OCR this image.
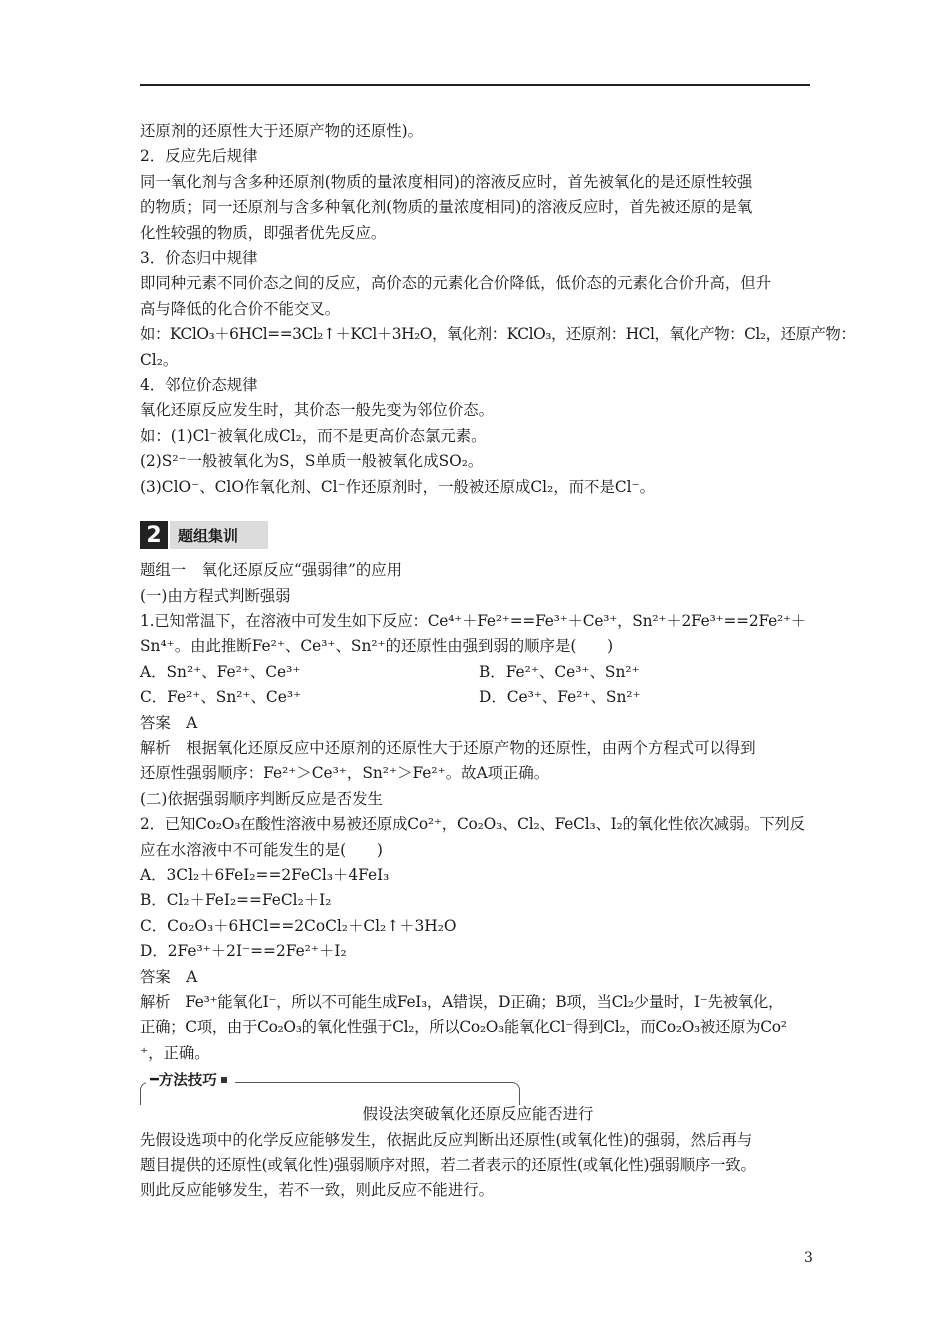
还原剂的还原性大于还原产物的还原性)。
2．反应先后规律
同一氧化剂与含多种还原剂(物质的量浓度相同)的溶液反应时，首先被氧化的是还原性较强
的物质；同一还原剂与含多种氧化剂(物质的量浓度相同)的溶液反应时，首先被还原的是氧
化性较强的物质，即强者优先反应。
3．价态归中规律
即同种元素不同价态之间的反应，高价态的元素化合价降低，低价态的元素化合价升高，但升
高与降低的化合价不能交叉。
如：KClO₃＋6HCl==3Cl₂↑＋KCl＋3H₂O，氧化剂：KClO₃，还原剂：HCl，氧化产物：Cl₂，还原产物：
Cl₂。
4．邻位价态规律
氧化还原反应发生时，其价态一般先变为邻位价态。
如：(1)Cl⁻被氧化成Cl₂，而不是更高价态氯元素。
(2)S²⁻一般被氧化为S，S单质一般被氧化成SO₂。
(3)ClO⁻、ClO作氧化剂、Cl⁻作还原剂时，一般被还原成Cl₂，而不是Cl⁻。
2	题组集训
题组一　氧化还原反应“强弱律”的应用
(一)由方程式判断强弱
1.已知常温下，在溶液中可发生如下反应：Ce⁴⁺＋Fe²⁺==Fe³⁺＋Ce³⁺，Sn²⁺＋2Fe³⁺==2Fe²⁺＋
Sn⁴⁺。由此推断Fe²⁺、Ce³⁺、Sn²⁺的还原性由强到弱的顺序是(　　)
A．Sn²⁺、Fe²⁺、Ce³⁺	B．Fe²⁺、Ce³⁺、Sn²⁺
C．Fe²⁺、Sn²⁺、Ce³⁺	D．Ce³⁺、Fe²⁺、Sn²⁺
答案　A
解析　根据氧化还原反应中还原剂的还原性大于还原产物的还原性，由两个方程式可以得到
还原性强弱顺序：Fe²⁺＞Ce³⁺，Sn²⁺＞Fe²⁺。故A项正确。
(二)依据强弱顺序判断反应是否发生
2．已知Co₂O₃在酸性溶液中易被还原成Co²⁺，Co₂O₃、Cl₂、FeCl₃、I₂的氧化性依次减弱。下列反
应在水溶液中不可能发生的是(　　)
A．3Cl₂＋6FeI₂==2FeCl₃＋4FeI₃
B．Cl₂＋FeI₂==FeCl₂＋I₂
C．Co₂O₃＋6HCl==2CoCl₂＋Cl₂↑＋3H₂O
D．2Fe³⁺＋2I⁻==2Fe²⁺＋I₂
答案　A
解析　Fe³⁺能氧化I⁻，所以不可能生成FeI₃，A错误，D正确；B项，当Cl₂少量时，I⁻先被氧化，
正确；C项，由于Co₂O₃的氧化性强于Cl₂，所以Co₂O₃能氧化Cl⁻得到Cl₂，而Co₂O₃被还原为Co²
⁺，正确。
━ 方法技巧
假设法突破氧化还原反应能否进行
先假设选项中的化学反应能够发生，依据此反应判断出还原性(或氧化性)的强弱，然后再与
题目提供的还原性(或氧化性)强弱顺序对照，若二者表示的还原性(或氧化性)强弱顺序一致。
则此反应能够发生，若不一致，则此反应不能进行。
3
